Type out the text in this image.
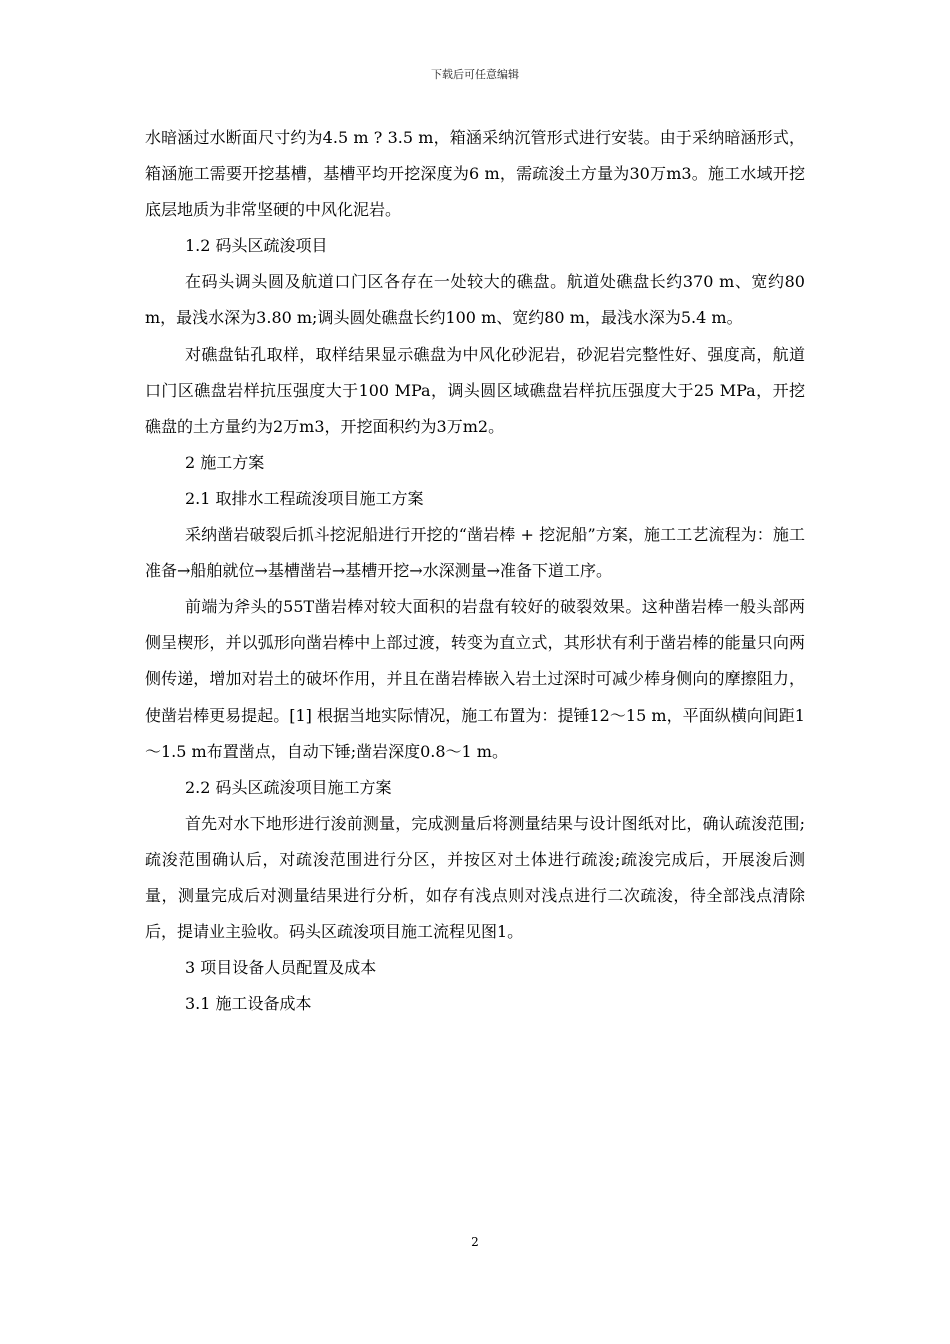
下载后可任意编辑

水暗涵过水断面尺寸约为4.5 m ? 3.5 m，箱涵采纳沉管形式进行安装。由于采纳暗涵形式，箱涵施工需要开挖基槽，基槽平均开挖深度为6 m，需疏浚土方量为30万m3。施工水域开挖底层地质为非常坚硬的中风化泥岩。

1.2 码头区疏浚项目

在码头调头圆及航道口门区各存在一处较大的礁盘。航道处礁盘长约370 m、宽约80 m，最浅水深为3.80 m;调头圆处礁盘长约100 m、宽约80 m，最浅水深为5.4 m。

对礁盘钻孔取样，取样结果显示礁盘为中风化砂泥岩，砂泥岩完整性好、强度高，航道口门区礁盘岩样抗压强度大于100 MPa，调头圆区域礁盘岩样抗压强度大于25 MPa，开挖礁盘的土方量约为2万m3，开挖面积约为3万m2。

2 施工方案

2.1 取排水工程疏浚项目施工方案

采纳凿岩破裂后抓斗挖泥船进行开挖的“凿岩棒 + 挖泥船”方案，施工工艺流程为：施工准备→船舶就位→基槽凿岩→基槽开挖→水深测量→准备下道工序。

前端为斧头的55T凿岩棒对较大面积的岩盘有较好的破裂效果。这种凿岩棒一般头部两侧呈楔形，并以弧形向凿岩棒中上部过渡，转变为直立式，其形状有利于凿岩棒的能量只向两侧传递，增加对岩土的破坏作用，并且在凿岩棒嵌入岩土过深时可减少棒身侧向的摩擦阻力，使凿岩棒更易提起。[1] 根据当地实际情况，施工布置为：提锤12～15 m，平面纵横向间距1～1.5 m布置凿点，自动下锤;凿岩深度0.8～1 m。

2.2 码头区疏浚项目施工方案

首先对水下地形进行浚前测量，完成测量后将测量结果与设计图纸对比，确认疏浚范围;疏浚范围确认后，对疏浚范围进行分区，并按区对土体进行疏浚;疏浚完成后，开展浚后测量，测量完成后对测量结果进行分析，如存有浅点则对浅点进行二次疏浚，待全部浅点清除后，提请业主验收。码头区疏浚项目施工流程见图1。

3 项目设备人员配置及成本

3.1 施工设备成本

2
